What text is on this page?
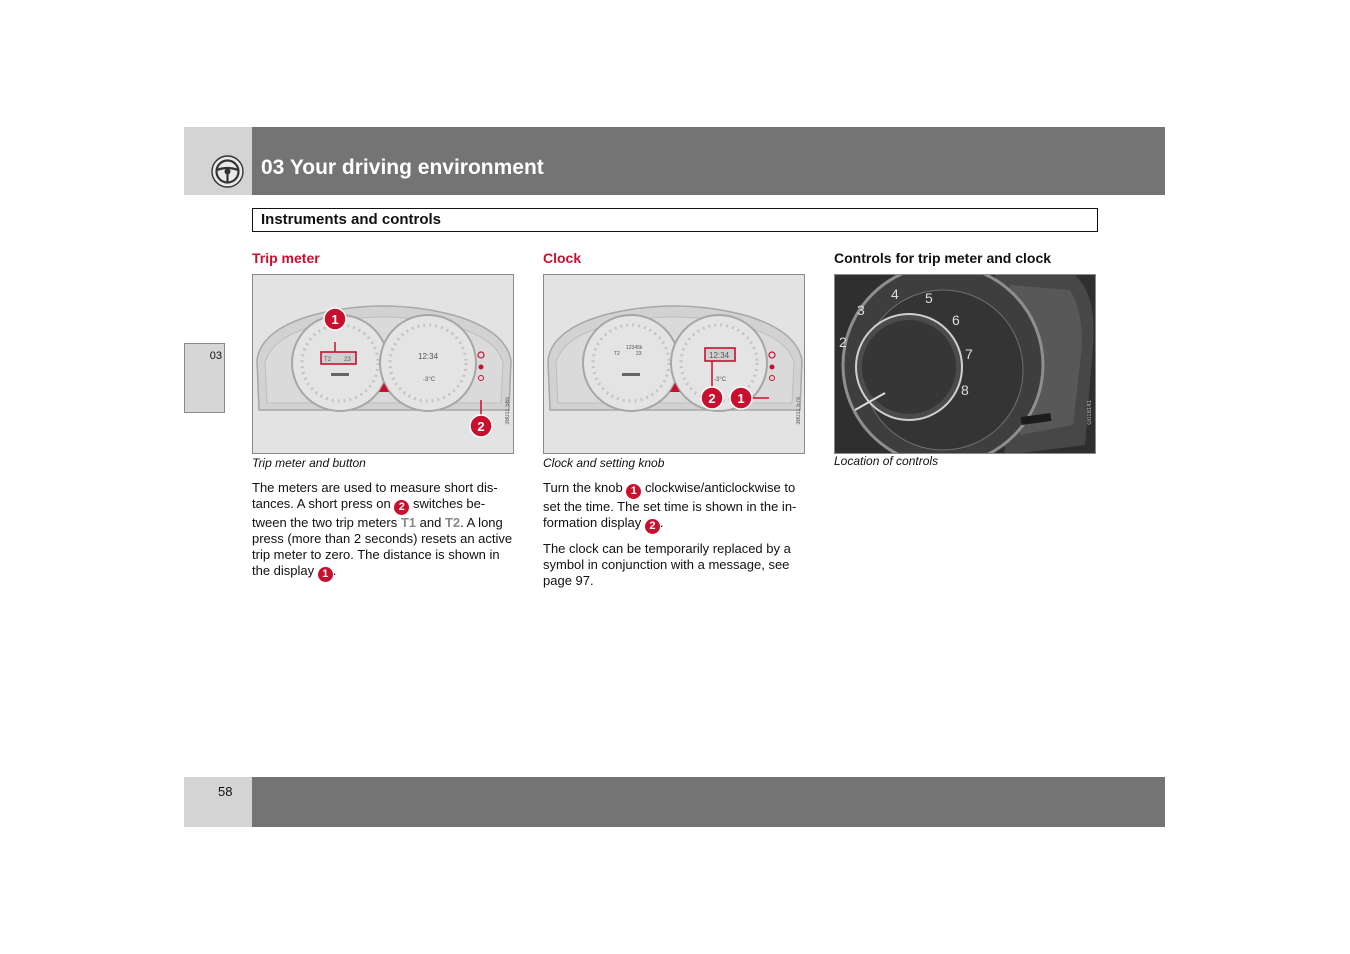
03 Your driving environment
Instruments and controls
03
Trip meter
T2 23	12:34
-3°C
1
2
38011 56s
Trip meter and button

The meters are used to measure short dis-tances. A short press on 2 switches be-tween the two trip meters T1 and T2. A long press (more than 2 seconds) resets an active trip meter to zero. The distance is shown in the display 1 .

Clock
T2	23
12345k
12:34
-3°C
2 1	38011 57s
Clock and setting knob

Turn the knob 1 clockwise/anticlockwise to set the time. The set time is shown in the in-formation display 2 .

The clock can be temporarily replaced by a symbol in conjunction with a message, see page 97.

Controls for trip meter and clock
2
3
4 5
6
7
8
G018141
Location of controls
58
